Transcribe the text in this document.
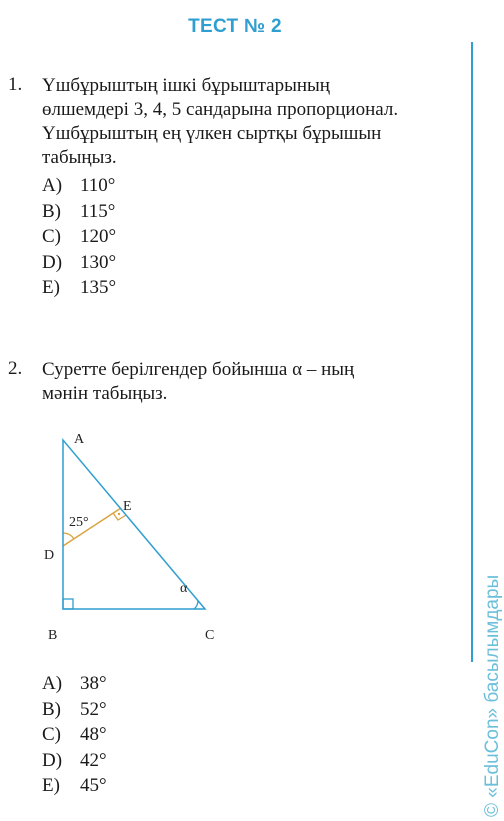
ТЕСТ № 2
1. Үшбұрыштың ішкі бұрыштарының
өлшемдері 3, 4, 5 сандарына пропорционал.
Үшбұрыштың ең үлкен сыртқы бұрышын
табыңыз.
A) 110°
B) 115°
C) 120°
D) 130°
E) 135°
2. Суретте берілгендер бойынша α – ның
мәнін табыңыз.
A
B	C
D
E
25°
α
A) 38°
B) 52°
C) 48°
D) 42°
E) 45°	© «EduCon» басылымдары
